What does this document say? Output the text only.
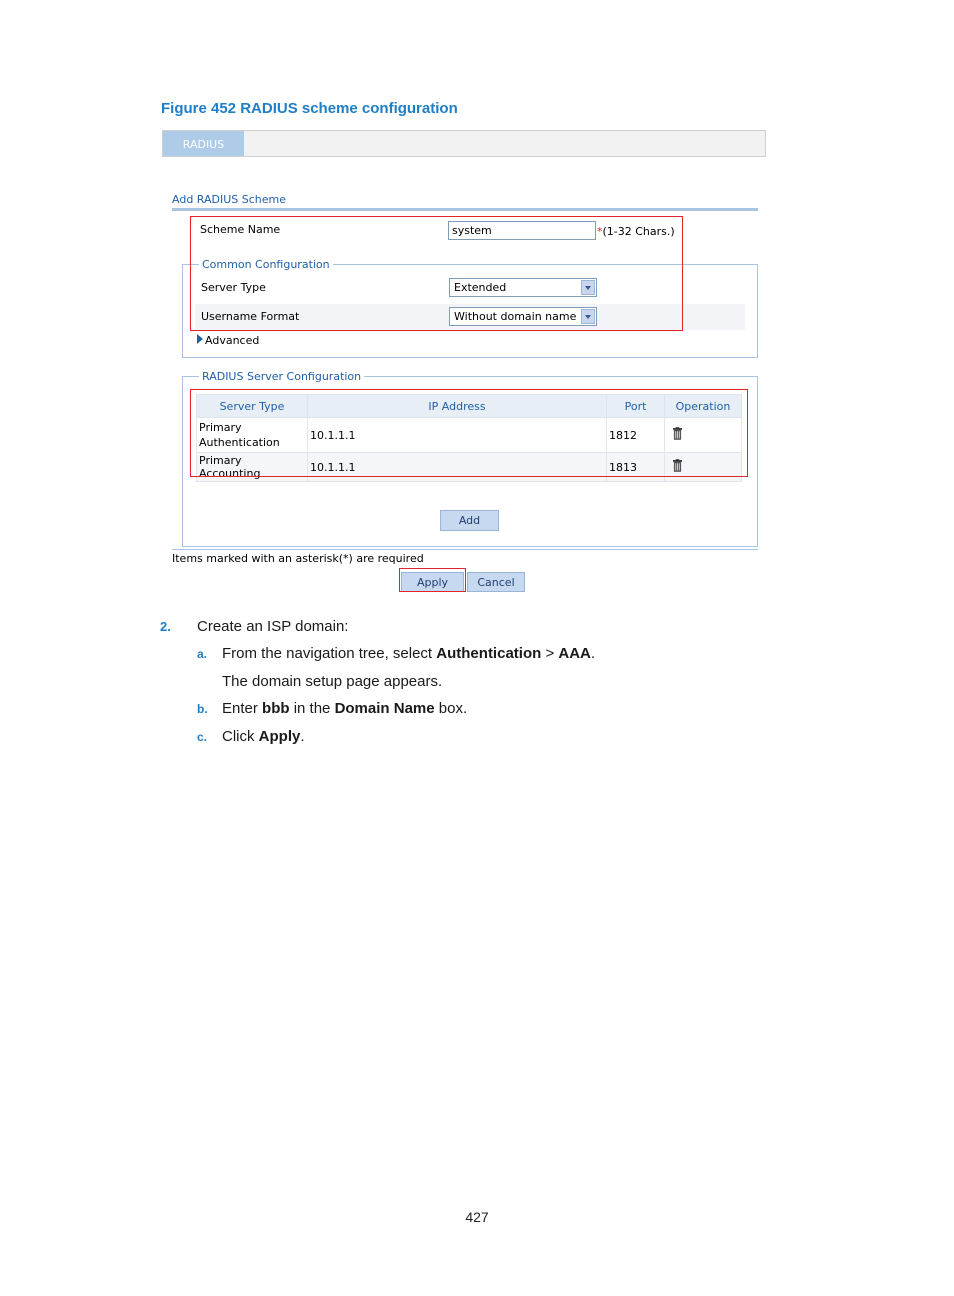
Figure 452 RADIUS scheme configuration
RADIUS
Add RADIUS Scheme
Scheme Name	system	*(1-32 Chars.)
Common Configuration
Server Type	Extended
Username Format	Without domain name
Advanced
RADIUS Server Configuration
Server Type	IP Address	Port	Operation

Primary Authentication	10.1.1.1	1812	
Primary Accounting	10.1.1.1	1813	
Add
Items marked with an asterisk(*) are required
Apply	Cancel
2. Create an ISP domain:
a. From the navigation tree, select Authentication > AAA.
The domain setup page appears.
b. Enter bbb in the Domain Name box.
c. Click Apply.
427
